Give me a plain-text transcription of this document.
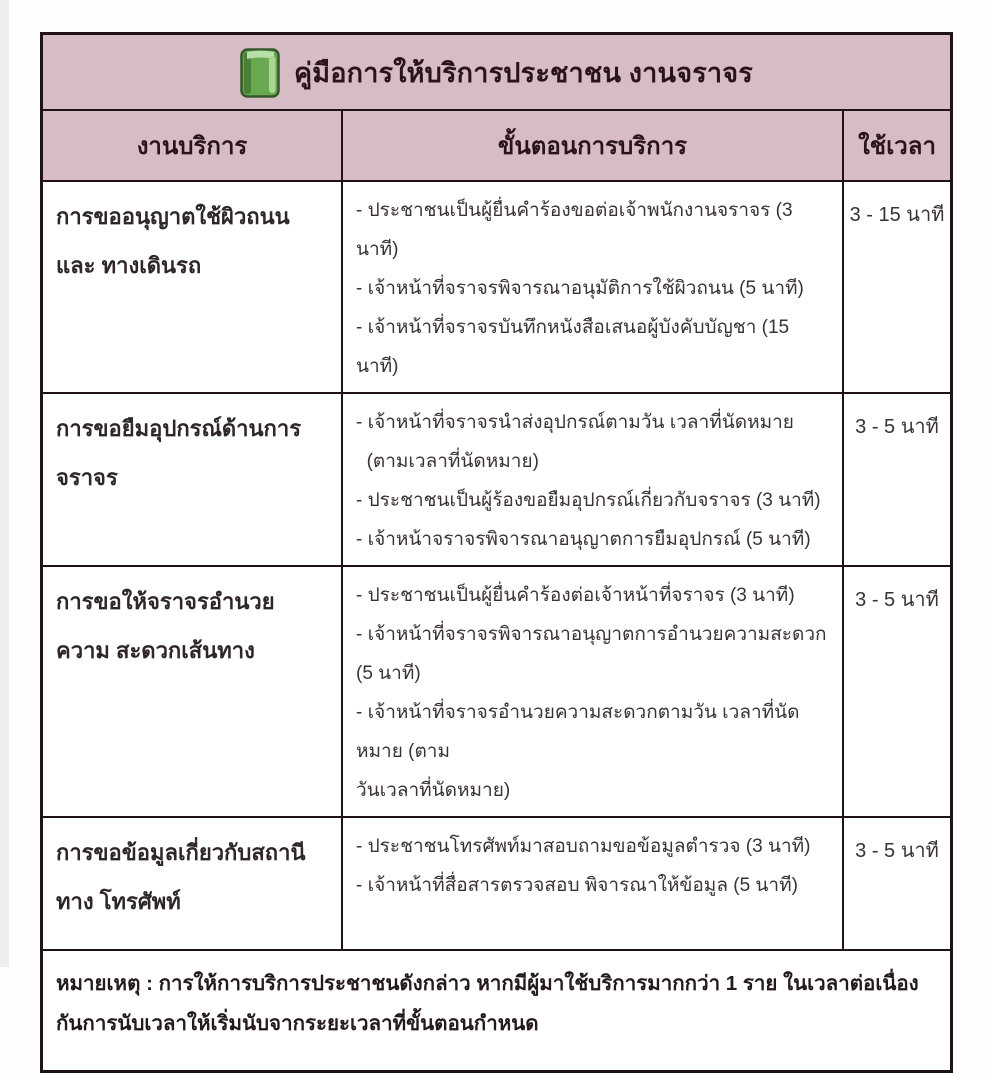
คู่มือการให้บริการประชาชน งานจราจร
งานบริการ	ขั้นตอนการบริการ	ใช้เวลา
การขออนุญาตใช้ผิวถนนและ ทางเดินรถ
- ประชาชนเป็นผู้ยื่นคำร้องขอต่อเจ้าพนักงานจราจร (3 นาที)
- เจ้าหน้าที่จราจรพิจารณาอนุมัติการใช้ผิวถนน (5 นาที)
- เจ้าหน้าที่จราจรบันทึกหนังสือเสนอผู้บังคับบัญชา (15 นาที)
3 - 15 นาที
การขอยืมอุปกรณ์ด้านการจราจร
- เจ้าหน้าที่จราจรนำส่งอุปกรณ์ตามวัน เวลาที่นัดหมาย
(ตามเวลาที่นัดหมาย)
- ประชาชนเป็นผู้ร้องขอยืมอุปกรณ์เกี่ยวกับจราจร (3 นาที)
- เจ้าหน้าจราจรพิจารณาอนุญาตการยืมอุปกรณ์ (5 นาที)
3 - 5 นาที
การขอให้จราจรอำนวยความ สะดวกเส้นทาง
- ประชาชนเป็นผู้ยื่นคำร้องต่อเจ้าหน้าที่จราจร (3 นาที)
- เจ้าหน้าที่จราจรพิจารณาอนุญาตการอำนวยความสะดวก (5 นาที)
- เจ้าหน้าที่จราจรอำนวยความสะดวกตามวัน เวลาที่นัดหมาย (ตาม
วันเวลาที่นัดหมาย)
3 - 5 นาที
การขอข้อมูลเกี่ยวกับสถานีทาง โทรศัพท์
- ประชาชนโทรศัพท์มาสอบถามขอข้อมูลตำรวจ (3 นาที)
- เจ้าหน้าที่สื่อสารตรวจสอบ พิจารณาให้ข้อมูล (5 นาที)
3 - 5 นาที
หมายเหตุ : การให้การบริการประชาชนดังกล่าว หากมีผู้มาใช้บริการมากกว่า 1 ราย ในเวลาต่อเนื่องกันการนับเวลาให้เริ่มนับจากระยะเวลาที่ขั้นตอนกำหนด
